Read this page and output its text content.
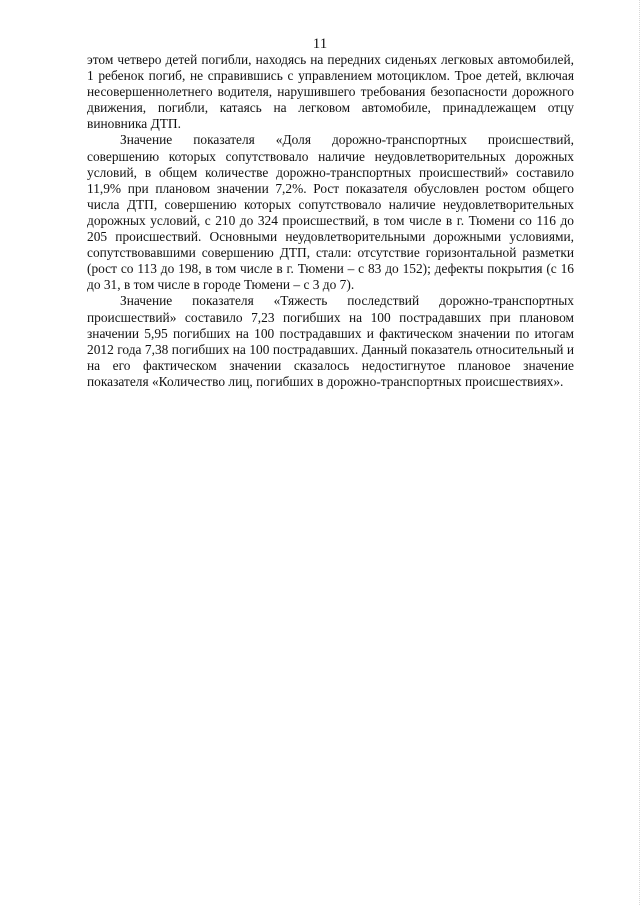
11

этом четверо детей погибли, находясь на передних сиденьях легковых автомобилей, 1 ребенок погиб, не справившись с управлением мотоциклом. Трое детей, включая несовершеннолетнего водителя, нарушившего требования безопасности дорожного движения, погибли, катаясь на легковом автомобиле, принадлежащем отцу виновника ДТП.

Значение показателя «Доля дорожно-транспортных происшествий, совершению которых сопутствовало наличие неудовлетворительных дорожных условий, в общем количестве дорожно-транспортных происшествий» составило 11,9% при плановом значении 7,2%. Рост показателя обусловлен ростом общего числа ДТП, совершению которых сопутствовало наличие неудовлетворительных дорожных условий, с 210 до 324 происшествий, в том числе в г. Тюмени со 116 до 205 происшествий. Основными неудовлетворительными дорожными условиями, сопутствовавшими совершению ДТП, стали: отсутствие горизонтальной разметки (рост со 113 до 198, в том числе в г. Тюмени – с 83 до 152); дефекты покрытия (с 16 до 31, в том числе в городе Тюмени – с 3 до 7).

Значение показателя «Тяжесть последствий дорожно-транспортных происшествий» составило 7,23 погибших на 100 пострадавших при плановом значении 5,95 погибших на 100 пострадавших и фактическом значении по итогам 2012 года 7,38 погибших на 100 пострадавших. Данный показатель относительный и на его фактическом значении сказалось недостигнутое плановое значение показателя «Количество лиц, погибших в дорожно-транспортных происшествиях».
